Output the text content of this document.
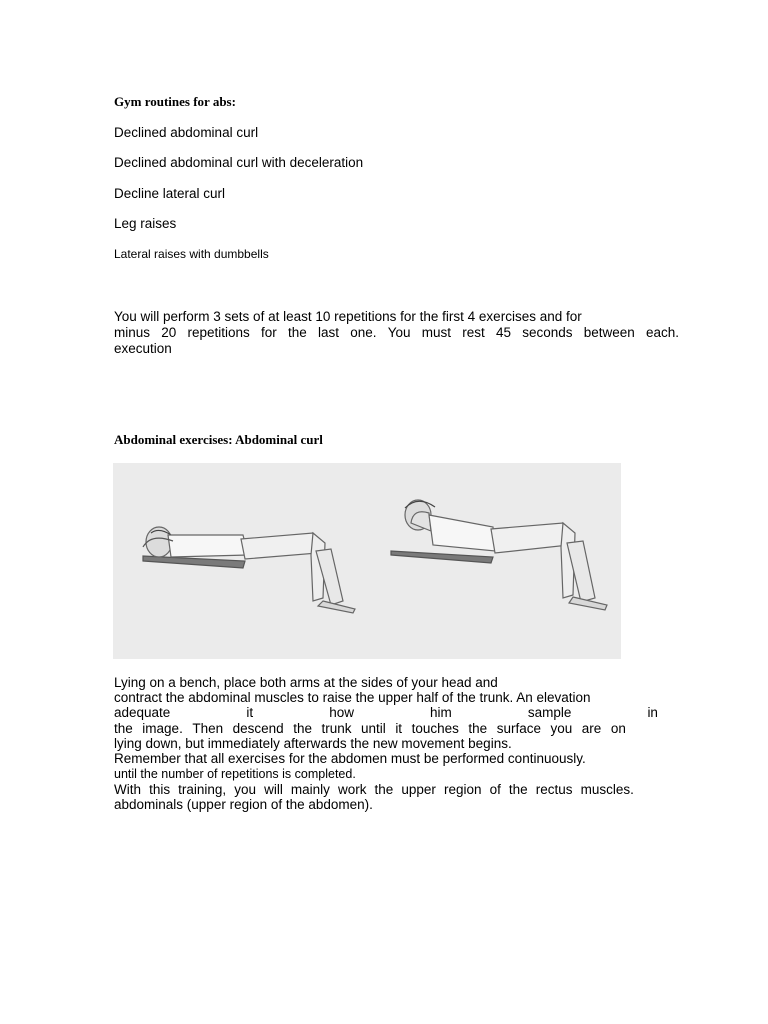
Gym routines for abs:
Declined abdominal curl
Declined abdominal curl with deceleration
Decline lateral curl
Leg raises
Lateral raises with dumbbells
You will perform 3 sets of at least 10 repetitions for the first 4 exercises and for
minus 20 repetitions for the last one. You must rest 45 seconds between each.
execution
Abdominal exercises: Abdominal curl
Lying on a bench, place both arms at the sides of your head and
contract the abdominal muscles to raise the upper half of the trunk. An elevation
adequate	it	how	him	sample	in
the image. Then descend the trunk until it touches the surface you are on
lying down, but immediately afterwards the new movement begins.
Remember that all exercises for the abdomen must be performed continuously.
until the number of repetitions is completed.
With this training, you will mainly work the upper region of the rectus muscles.
abdominals (upper region of the abdomen).
